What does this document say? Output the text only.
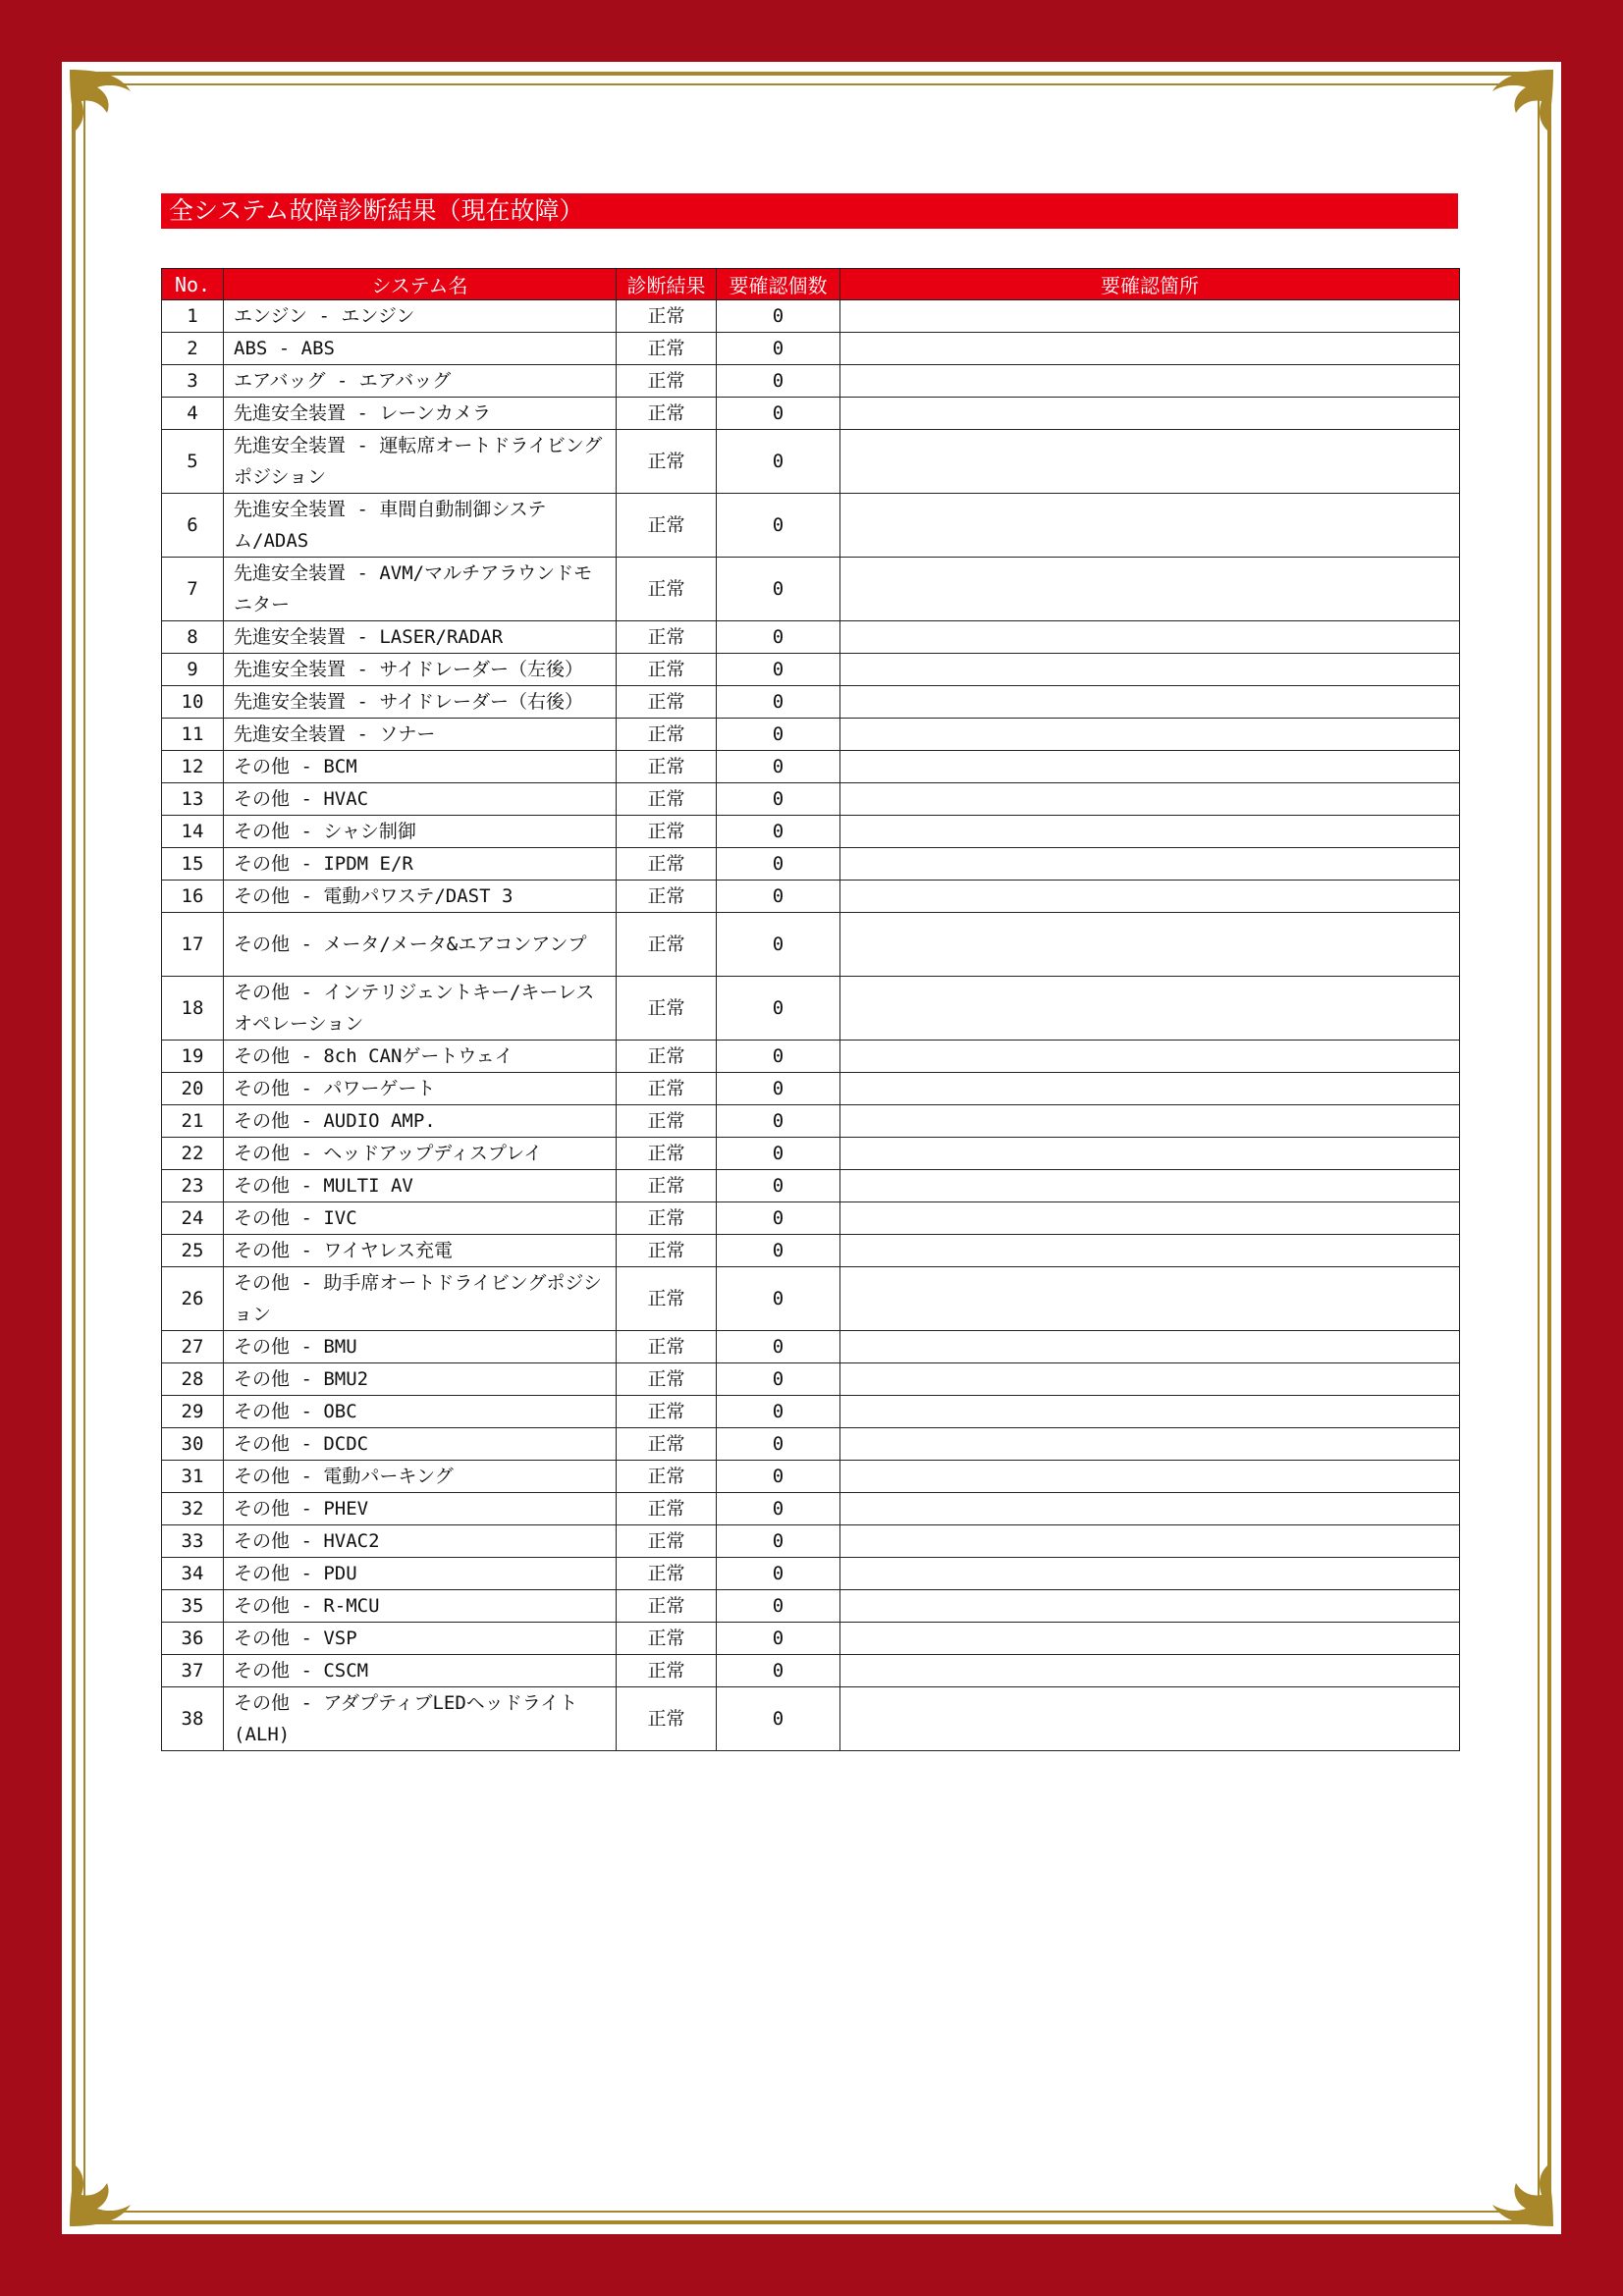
全システム故障診断結果（現在故障）
No.	システム名	診断結果	要確認個数	要確認箇所
1	エンジン - エンジン	正常	0	
2	ABS - ABS	正常	0	
3	エアバッグ - エアバッグ	正常	0	
4	先進安全装置 - レーンカメラ	正常	0	
5	先進安全装置 - 運転席オートドライビングポジション	正常	0	
6	先進安全装置 - 車間自動制御システム/ADAS	正常	0	
7	先進安全装置 - AVM/マルチアラウンドモニター	正常	0	
8	先進安全装置 - LASER/RADAR	正常	0	
9	先進安全装置 - サイドレーダー（左後）	正常	0	
10	先進安全装置 - サイドレーダー（右後）	正常	0	
11	先進安全装置 - ソナー	正常	0	
12	その他 - BCM	正常	0	
13	その他 - HVAC	正常	0	
14	その他 - シャシ制御	正常	0	
15	その他 - IPDM E/R	正常	0	
16	その他 - 電動パワステ/DAST 3	正常	0	
17	その他 - メータ/メータ&エアコンアンプ	正常	0	
18	その他 - インテリジェントキー/キーレスオペレーション	正常	0	
19	その他 - 8ch CANゲートウェイ	正常	0	
20	その他 - パワーゲート	正常	0	
21	その他 - AUDIO AMP.	正常	0	
22	その他 - ヘッドアップディスプレイ	正常	0	
23	その他 - MULTI AV	正常	0	
24	その他 - IVC	正常	0	
25	その他 - ワイヤレス充電	正常	0	
26	その他 - 助手席オートドライビングポジション	正常	0	
27	その他 - BMU	正常	0	
28	その他 - BMU2	正常	0	
29	その他 - OBC	正常	0	
30	その他 - DCDC	正常	0	
31	その他 - 電動パーキング	正常	0	
32	その他 - PHEV	正常	0	
33	その他 - HVAC2	正常	0	
34	その他 - PDU	正常	0	
35	その他 - R-MCU	正常	0	
36	その他 - VSP	正常	0	
37	その他 - CSCM	正常	0	
38	その他 - アダプティブLEDヘッドライト(ALH)	正常	0	
